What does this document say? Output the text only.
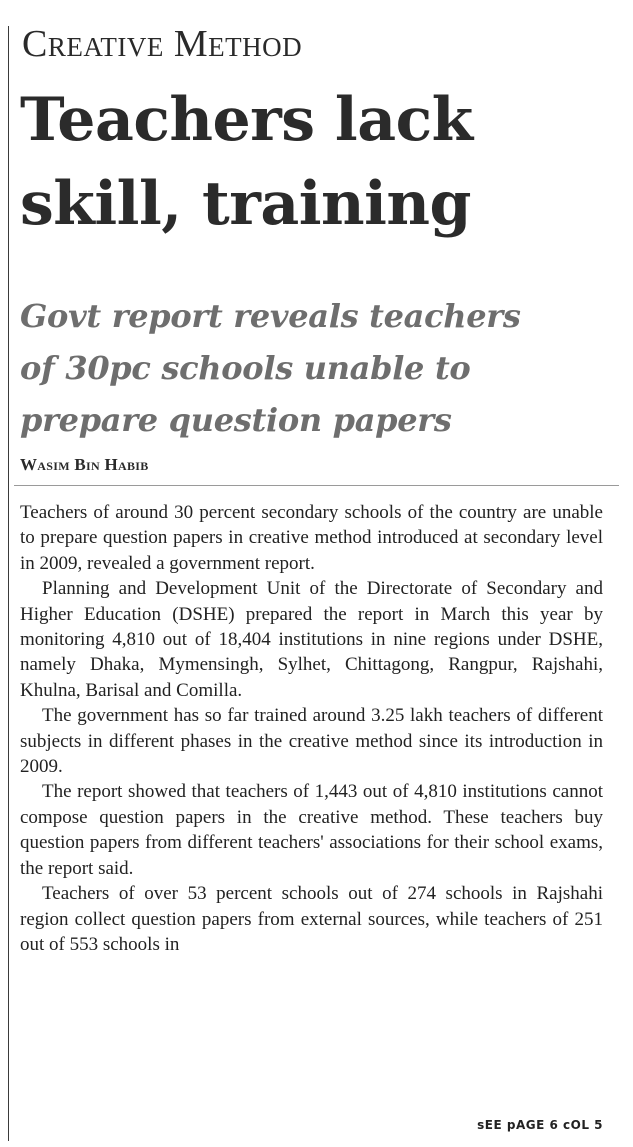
Creative Method
Teachers lack
skill, training
Govt report reveals teachers
of 30pc schools unable to
prepare question papers
Wasim Bin Habib

Teachers of around 30 percent secondary schools of the country are unable to prepare question papers in creative method introduced at secondary level in 2009, revealed a government report.

Planning and Development Unit of the Directorate of Secondary and Higher Education (DSHE) prepared the report in March this year by monitoring 4,810 out of 18,404 institutions in nine regions under DSHE, namely Dhaka, Mymensingh, Sylhet, Chittagong, Rangpur, Rajshahi, Khulna, Barisal and Comilla.

The government has so far trained around 3.25 lakh teachers of different subjects in different phases in the creative method since its introduction in 2009.

The report showed that teachers of 1,443 out of 4,810 institutions cannot compose question papers in the creative method. These teachers buy question papers from different teachers' associations for their school exams, the report said.

Teachers of over 53 percent schools out of 274 schools in Rajshahi region collect question papers from external sources, while teachers of 251 out of 553 schools in

sEE pAGE 6 cOL 5
